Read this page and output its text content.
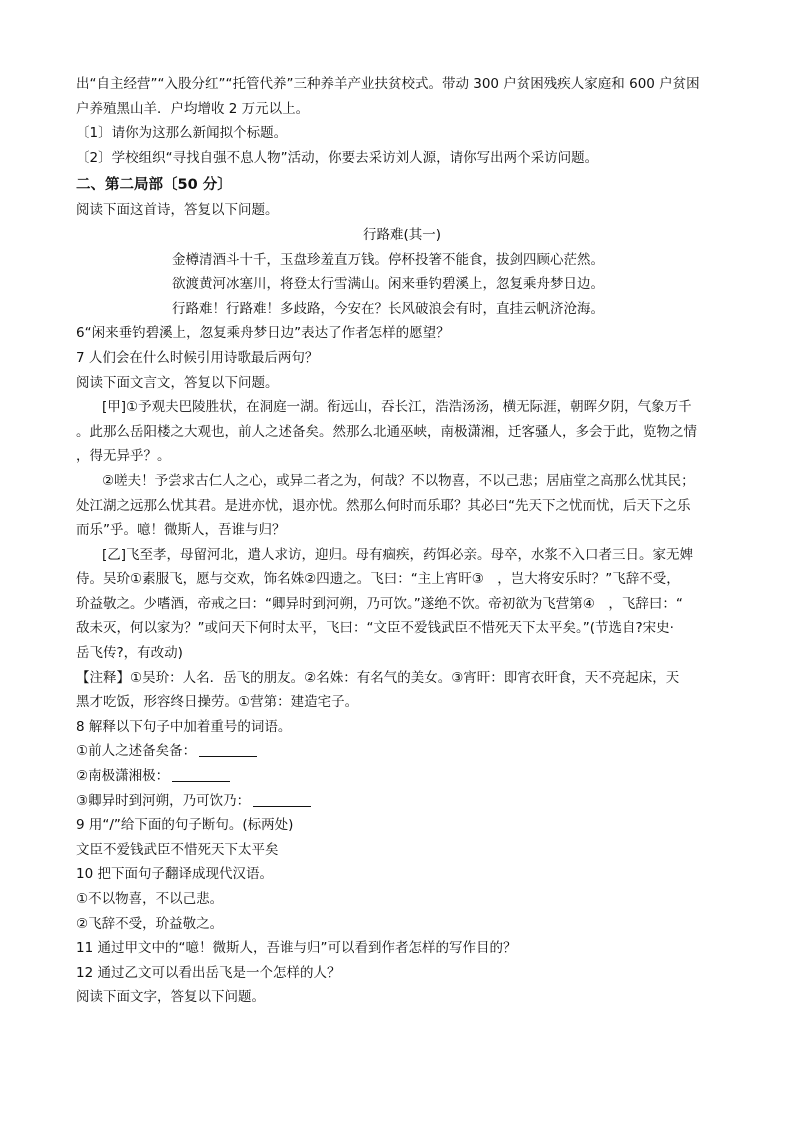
出“自主经营”“入股分红”“托管代养”三种养羊产业扶贫校式。带动 300 户贫困残疾人家庭和 600 户贫困
户养殖黑山羊．户均增收 2 万元以上。
〔1〕请你为这那么新闻拟个标题。
〔2〕学校组织“寻找自强不息人物”活动，你要去采访刘人源，请你写出两个采访问题。
二、第二局部〔50 分〕
阅读下面这首诗，答复以下问题。
行路难(其一)
金樽清酒斗十千，玉盘珍羞直万钱。停杯投箸不能食，拔剑四顾心茫然。
欲渡黄河冰塞川，将登太行雪满山。闲来垂钓碧溪上，忽复乘舟梦日边。
行路难！行路难！多歧路，今安在？长风破浪会有时，直挂云帆济沧海。
6“闲来垂钓碧溪上，忽复乘舟梦日边”表达了作者怎样的愿望？
7 人们会在什么时候引用诗歌最后两句？
阅读下面文言文，答复以下问题。
[甲]①予观夫巴陵胜状，在洞庭一湖。衔远山，吞长江，浩浩汤汤，横无际涯，朝晖夕阴，气象万千
。此那么岳阳楼之大观也，前人之述备矣。然那么北通巫峡，南极潇湘，迁客骚人，多会于此，览物之情
，得无异乎？。
②嗟夫！予尝求古仁人之心，或异二者之为，何哉？不以物喜，不以己悲；居庙堂之高那么忧其民；
处江湖之远那么忧其君。是进亦忧，退亦忧。然那么何时而乐耶？其必曰“先天下之忧而忧，后天下之乐
而乐”乎。噫！微斯人，吾谁与归？
[乙]飞至孝，母留河北，遣人求访，迎归。母有痼疾，药饵必亲。母卒，水浆不入口者三日。家无婢
侍。吴玠①素服飞，愿与交欢，饰名姝②四遗之。飞曰：“主上宵旰③　，岂大将安乐时？”飞辞不受，
玠益敬之。少嗜酒，帝戒之曰：“卿异时到河朔，乃可饮。”遂绝不饮。帝初欲为飞营第④　，飞辞曰：“
敌未灭，何以家为？”或问天下何时太平，飞曰：“文臣不爱钱武臣不惜死天下太平矣。”(节选自?宋史·
岳飞传?，有改动)
【注释】①吴玠：人名．岳飞的朋友。②名姝：有名气的美女。③宵旰：即宵衣旰食，天不亮起床，天
黑才吃饭，形容终日操劳。①营第：建造宅子。
8 解释以下句子中加着重号的词语。
①前人之述备矣备：
②南极潇湘极：
③卿异时到河朔，乃可饮乃：
9 用“/”给下面的句子断句。(标两处)
文臣不爱钱武臣不惜死天下太平矣
10 把下面句子翻译成现代汉语。
①不以物喜，不以己悲。
②飞辞不受，玠益敬之。
11 通过甲文中的“噫！微斯人，吾谁与归”可以看到作者怎样的写作目的？
12 通过乙文可以看出岳飞是一个怎样的人？
阅读下面文字，答复以下问题。
